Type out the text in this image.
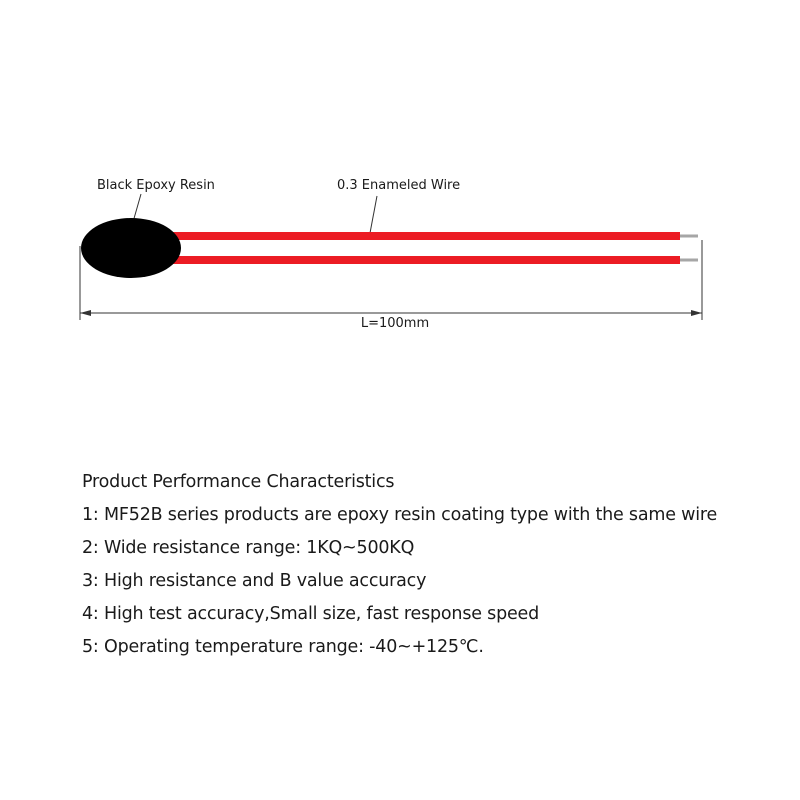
Black Epoxy Resin	0.3 Enameled Wire
L=100mm
Product Performance Characteristics
1: MF52B series products are epoxy resin coating type with the same wire
2: Wide resistance range: 1KQ~500KQ
3: High resistance and B value accuracy
4: High test accuracy,Small size, fast response speed
5: Operating temperature range: -40~+125℃.
